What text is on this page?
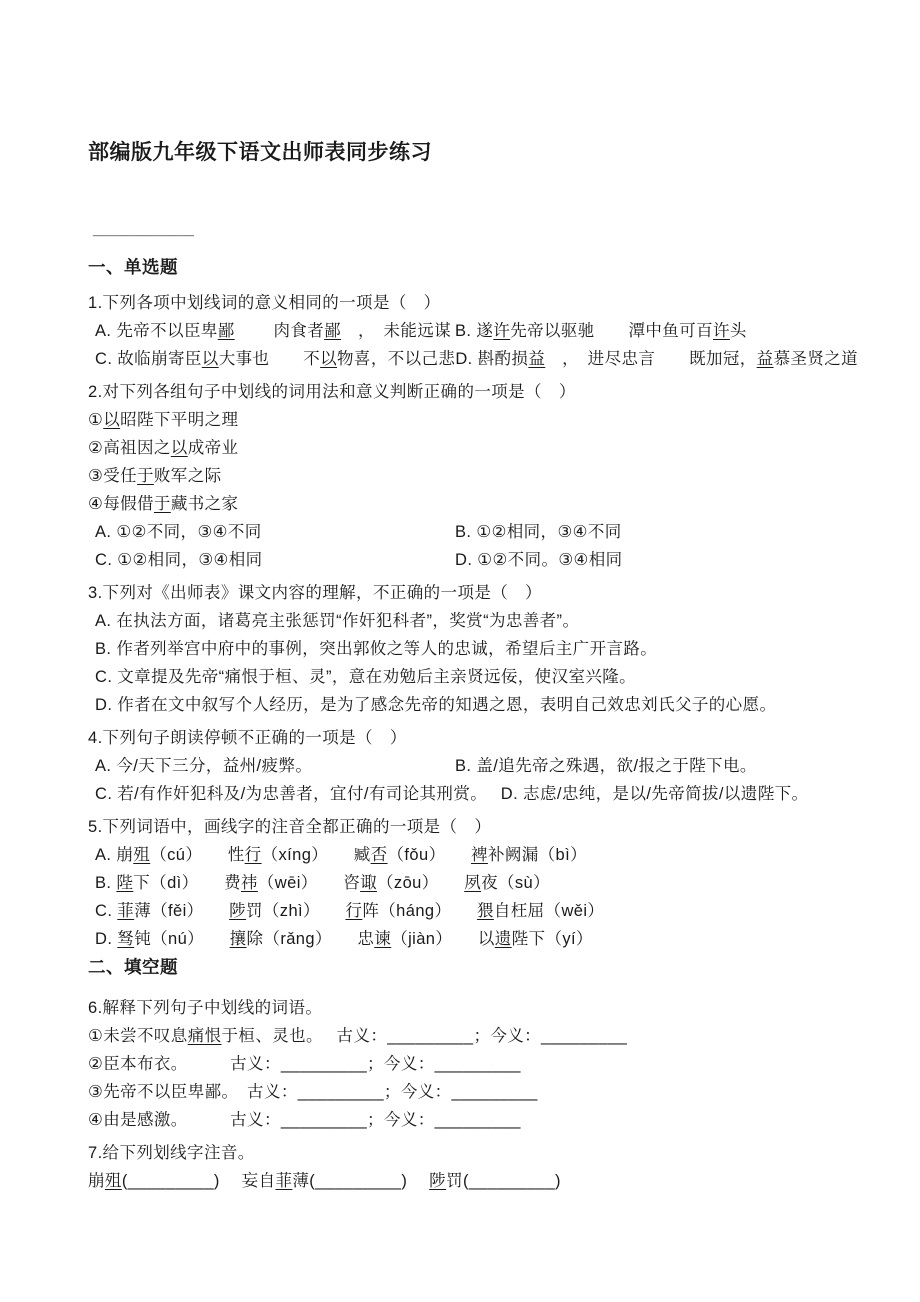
部编版九年级下语文出师表同步练习
___________
一、单选题
1.下列各项中划线词的意义相同的一项是（　）
A. 先帝不以臣卑鄙　　 肉食者鄙　，　未能远谋 B. 遂许先帝以驱驰　　潭中鱼可百许头
C. 故临崩寄臣以大事也　　不以物喜，不以己悲 D. 斟酌损益　，　进尽忠言　　既加冠，益慕圣贤之道
2.对下列各组句子中划线的词用法和意义判断正确的一项是（　）
①以昭陛下平明之理
②高祖因之以成帝业
③受任于败军之际
④每假借于藏书之家
A. ①②不同，③④不同	B. ①②相同，③④不同
C. ①②相同，③④相同	D. ①②不同。③④相同
3.下列对《出师表》课文内容的理解，不正确的一项是（　）
A. 在执法方面，诸葛亮主张惩罚“作奸犯科者”，奖赏“为忠善者”。
B. 作者列举宫中府中的事例，突出郭攸之等人的忠诚，希望后主广开言路。
C. 文章提及先帝“痛恨于桓、灵”，意在劝勉后主亲贤远佞，使汉室兴隆。
D. 作者在文中叙写个人经历，是为了感念先帝的知遇之恩，表明自己效忠刘氏父子的心愿。
4.下列句子朗读停顿不正确的一项是（　）
A. 今/天下三分，益州/疲弊。	B. 盖/追先帝之殊遇，欲/报之于陛下电。
C. 若/有作奸犯科及/为忠善者，宜付/有司论其刑赏。　 D. 志虑/忠纯，是以/先帝简拔/以遗陛下。
5.下列词语中，画线字的注音全都正确的一项是（　）
A. 崩殂（cú）　　性行（xíng）　　臧否（fǒu）　　裨补阙漏（bì）
B. 陛下（dì）　　费祎（wēi）　　咨诹（zōu）　　夙夜（sù）
C. 菲薄（fěi）　　陟罚（zhì）　　行阵（háng）　　猥自枉屈（wěi）
D. 驽钝（nú）　　攘除（rǎng）　　忠谏（jiàn）　　以遗陛下（yí）
二、填空题
6.解释下列句子中划线的词语。
①未尝不叹息痛恨于桓、灵也。　 古义：_________；今义：_________
②臣本布衣。　　　古义：_________；今义：_________
③先帝不以臣卑鄙。　古义：_________；今义：_________
④由是感激。　　　古义：_________；今义：_________
7.给下列划线字注音。
崩殂(_________)　 妄自菲薄(_________)　 陟罚(_________)
